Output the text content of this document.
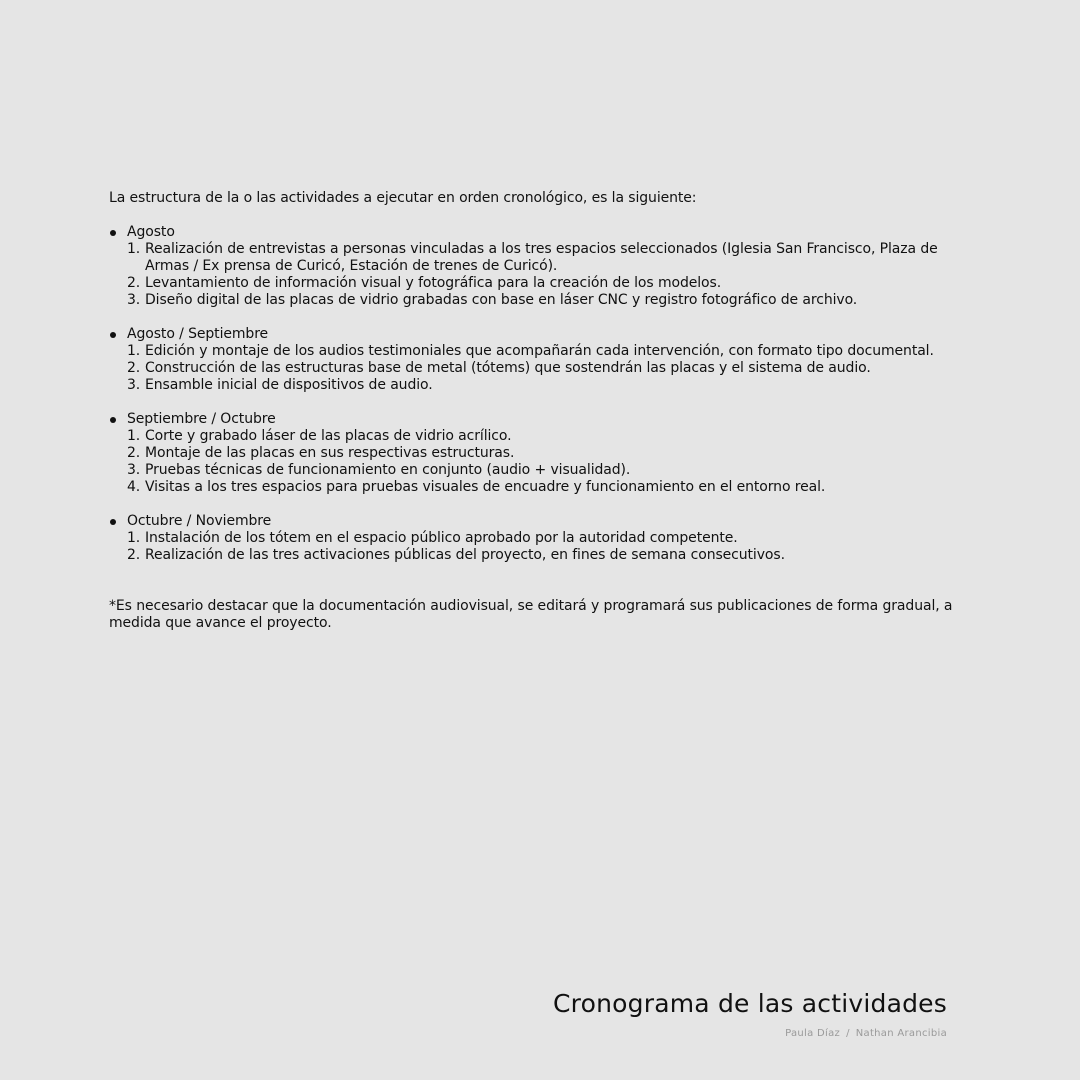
La estructura de la o las actividades a ejecutar en orden cronológico, es la siguiente:

Agosto
1. Realización de entrevistas a personas vinculadas a los tres espacios seleccionados (Iglesia San Francisco, Plaza de Armas / Ex prensa de Curicó, Estación de trenes de Curicó).
2. Levantamiento de información visual y fotográfica para la creación de los modelos.
3. Diseño digital de las placas de vidrio grabadas con base en láser CNC y registro fotográfico de archivo.
Agosto / Septiembre
1. Edición y montaje de los audios testimoniales que acompañarán cada intervención, con formato tipo documental.
2. Construcción de las estructuras base de metal (tótems) que sostendrán las placas y el sistema de audio.
3. Ensamble inicial de dispositivos de audio.
Septiembre / Octubre
1. Corte y grabado láser de las placas de vidrio acrílico.
2. Montaje de las placas en sus respectivas estructuras.
3. Pruebas técnicas de funcionamiento en conjunto (audio + visualidad).
4. Visitas a los tres espacios para pruebas visuales de encuadre y funcionamiento en el entorno real.
Octubre / Noviembre
1. Instalación de los tótem en el espacio público aprobado por la autoridad competente.
2. Realización de las tres activaciones públicas del proyecto, en fines de semana consecutivos.

*Es necesario destacar que la documentación audiovisual, se editará y programará sus publicaciones de forma gradual, a medida que avance el proyecto.

Cronograma de las actividades
Paula Díaz / Nathan Arancibia
